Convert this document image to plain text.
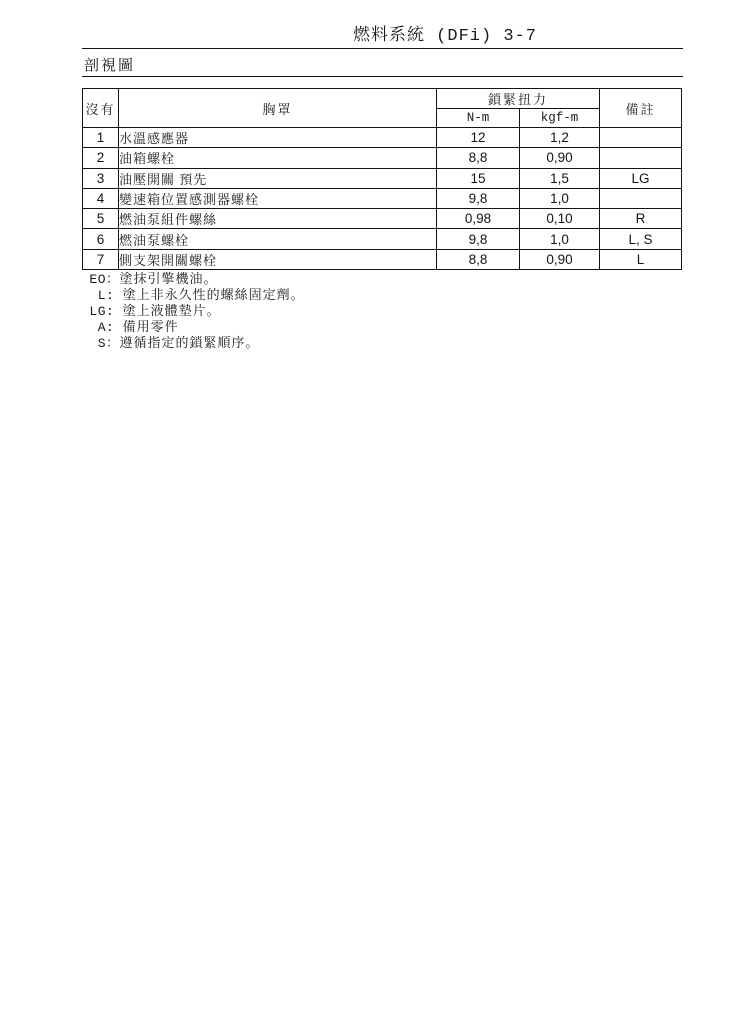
燃料系統 (DFi) 3-7
剖視圖
沒有	胸罩	鎖緊扭力		備註
		N-m	kgf-m	
1	水溫感應器	12	1,2	
2	油箱螺栓	8,8	0,90	
3	油壓開關 預先	15	1,5	LG
4	變速箱位置感測器螺栓	9,8	1,0	
5	燃油泵組件螺絲	0,98	0,10	R
6	燃油泵螺栓	9,8	1,0	L, S
7	側支架開關螺栓	8,8	0,90	L
EO：塗抹引擎機油。
L: 塗上非永久性的螺絲固定劑。
LG: 塗上液體墊片。
A: 備用零件
S：遵循指定的鎖緊順序。
